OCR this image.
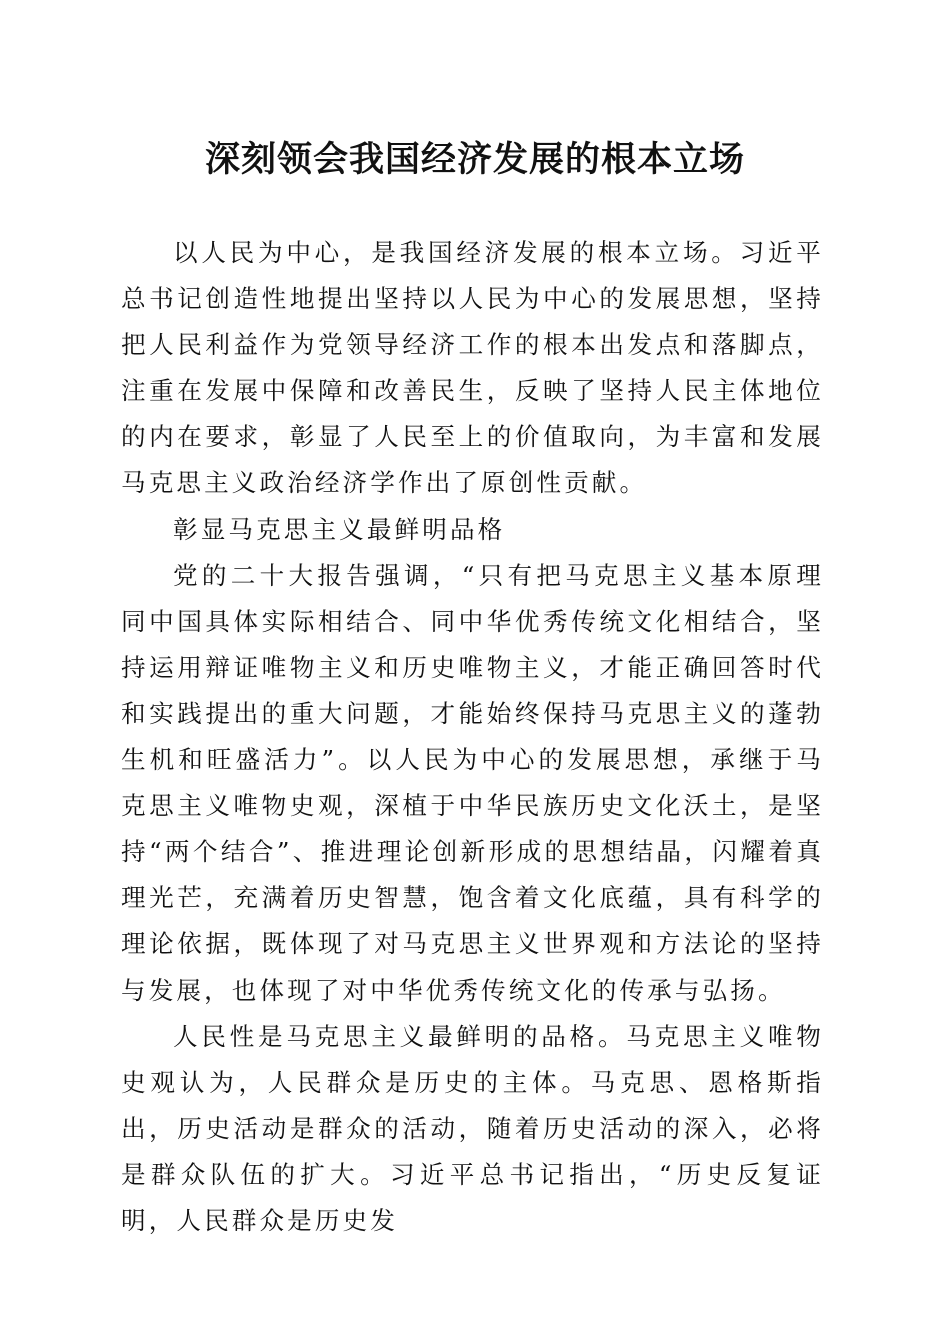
深刻领会我国经济发展的根本立场

以人民为中心，是我国经济发展的根本立场。习近平总书记创造性地提出坚持以人民为中心的发展思想，坚持把人民利益作为党领导经济工作的根本出发点和落脚点，注重在发展中保障和改善民生，反映了坚持人民主体地位的内在要求，彰显了人民至上的价值取向，为丰富和发展马克思主义政治经济学作出了原创性贡献。

彰显马克思主义最鲜明品格

党的二十大报告强调，“只有把马克思主义基本原理同中国具体实际相结合、同中华优秀传统文化相结合，坚持运用辩证唯物主义和历史唯物主义，才能正确回答时代和实践提出的重大问题，才能始终保持马克思主义的蓬勃生机和旺盛活力”。以人民为中心的发展思想，承继于马克思主义唯物史观，深植于中华民族历史文化沃土，是坚持“两个结合”、推进理论创新形成的思想结晶，闪耀着真理光芒，充满着历史智慧，饱含着文化底蕴，具有科学的理论依据，既体现了对马克思主义世界观和方法论的坚持与发展，也体现了对中华优秀传统文化的传承与弘扬。

人民性是马克思主义最鲜明的品格。马克思主义唯物史观认为，人民群众是历史的主体。马克思、恩格斯指出，历史活动是群众的活动，随着历史活动的深入，必将是群众队伍的扩大。习近平总书记指出，“历史反复证明，人民群众是历史发
